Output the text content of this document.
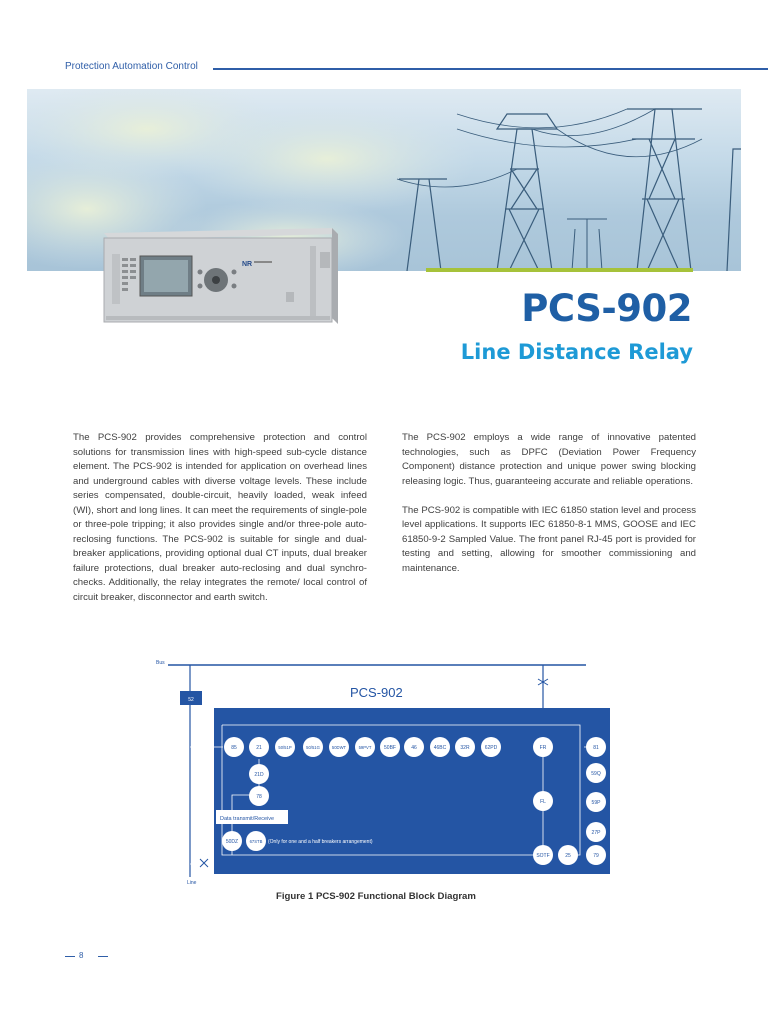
Protection Automation Control
NR
PCS-902
Line Distance Relay

The PCS-902 provides comprehensive protection and control solutions for transmission lines with high-speed sub-cycle distance element. The PCS-902 is intended for application on overhead lines and underground cables with diverse voltage levels. These include series compensated, double-circuit, heavily loaded, weak infeed (WI), short and long lines. It can meet the requirements of single-pole or three-pole tripping; it also provides single and/or three-pole auto-reclosing functions. The PCS-902 is suitable for single and dual-breaker applications, providing optional dual CT inputs, dual breaker failure protections, dual breaker auto-reclosing and dual synchro-checks. Additionally, the relay integrates the remote/ local control of circuit breaker, disconnector and earth switch.

The PCS-902 employs a wide range of innovative patented technologies, such as DPFC (Deviation Power Frequency Component) distance protection and unique power swing blocking releasing logic. Thus, guaranteeing accurate and reliable operations.

The PCS-902 is compatible with IEC 61850 station level and process level applications. It supports IEC 61850-8-1 MMS, GOOSE and IEC 61850-9-2 Sampled Value. The front panel RJ-45 port is provided for testing and setting, allowing for smoother commissioning and maintenance.

Bus
52
Line
PCS-902
85	21	50/51P	50/51G	50DWT	59PVT	50BF	46	46BC	32R	62PD	FR
21D
78
50DZ	67STB
FL
SOTF	25
81
59Q
59P
27P
79
Data transmit/Receive
(Only for one and a half breakers arrangement)
Figure 1 PCS-902 Functional Block Diagram
8
